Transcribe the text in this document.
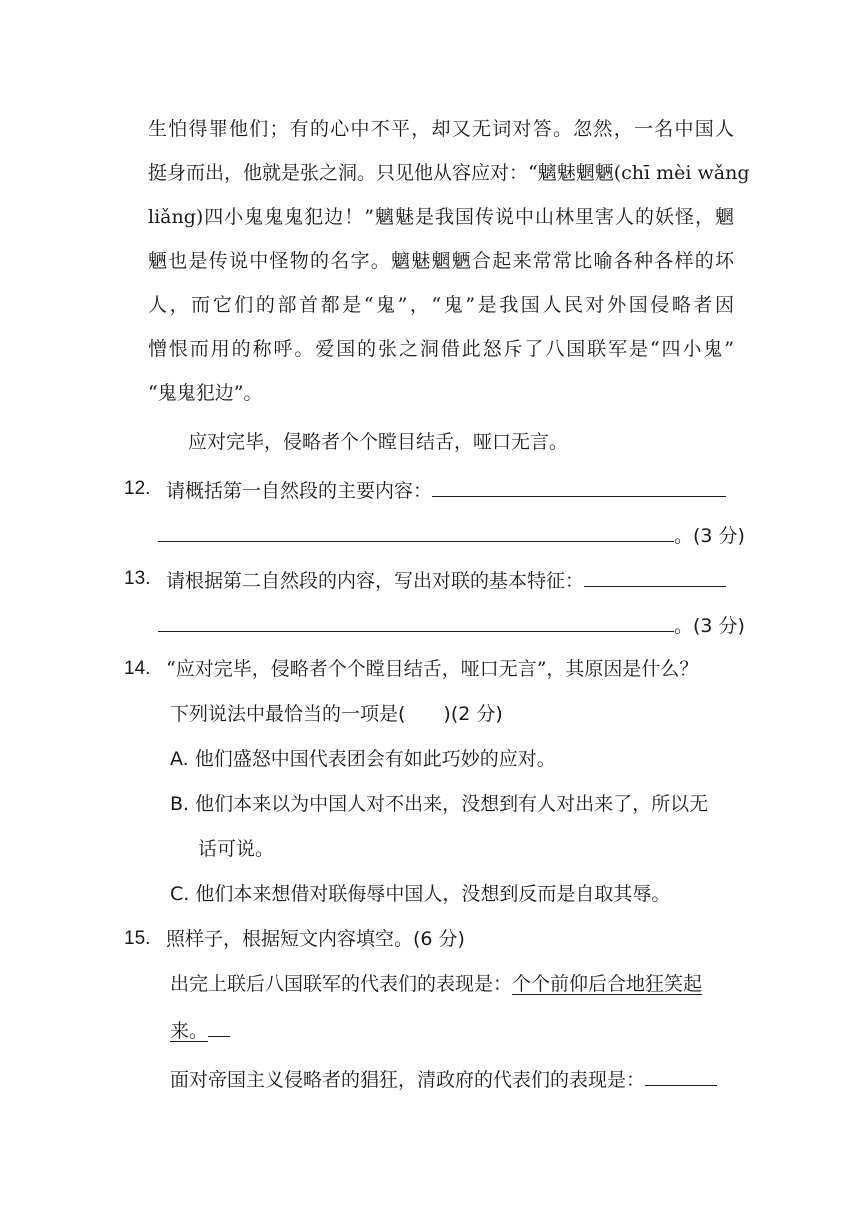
生怕得罪他们；有的心中不平，却又无词对答。忽然，一名中国人
挺身而出，他就是张之洞。只见他从容应对：“魑魅魍魉(chī mèi wǎng
liǎng)四小鬼鬼鬼犯边！”魑魅是我国传说中山林里害人的妖怪，魍
魉也是传说中怪物的名字。魑魅魍魉合起来常常比喻各种各样的坏
人，而它们的部首都是“鬼”，“鬼”是我国人民对外国侵略者因
憎恨而用的称呼。爱国的张之洞借此怒斥了八国联军是“四小鬼”
“鬼鬼犯边”。
应对完毕，侵略者个个瞠目结舌，哑口无言。
12. 请概括第一自然段的主要内容：
。(3 分)
13. 请根据第二自然段的内容，写出对联的基本特征：
。(3 分)
14. “应对完毕，侵略者个个瞠目结舌，哑口无言”，其原因是什么？
下列说法中最恰当的一项是(　　)(2 分)
A. 他们盛怒中国代表团会有如此巧妙的应对。
B. 他们本来以为中国人对不出来，没想到有人对出来了，所以无
话可说。
C. 他们本来想借对联侮辱中国人，没想到反而是自取其辱。
15. 照样子，根据短文内容填空。(6 分)
出完上联后八国联军的代表们的表现是：个个前仰后合地狂笑起
来。
面对帝国主义侵略者的猖狂，清政府的代表们的表现是：
